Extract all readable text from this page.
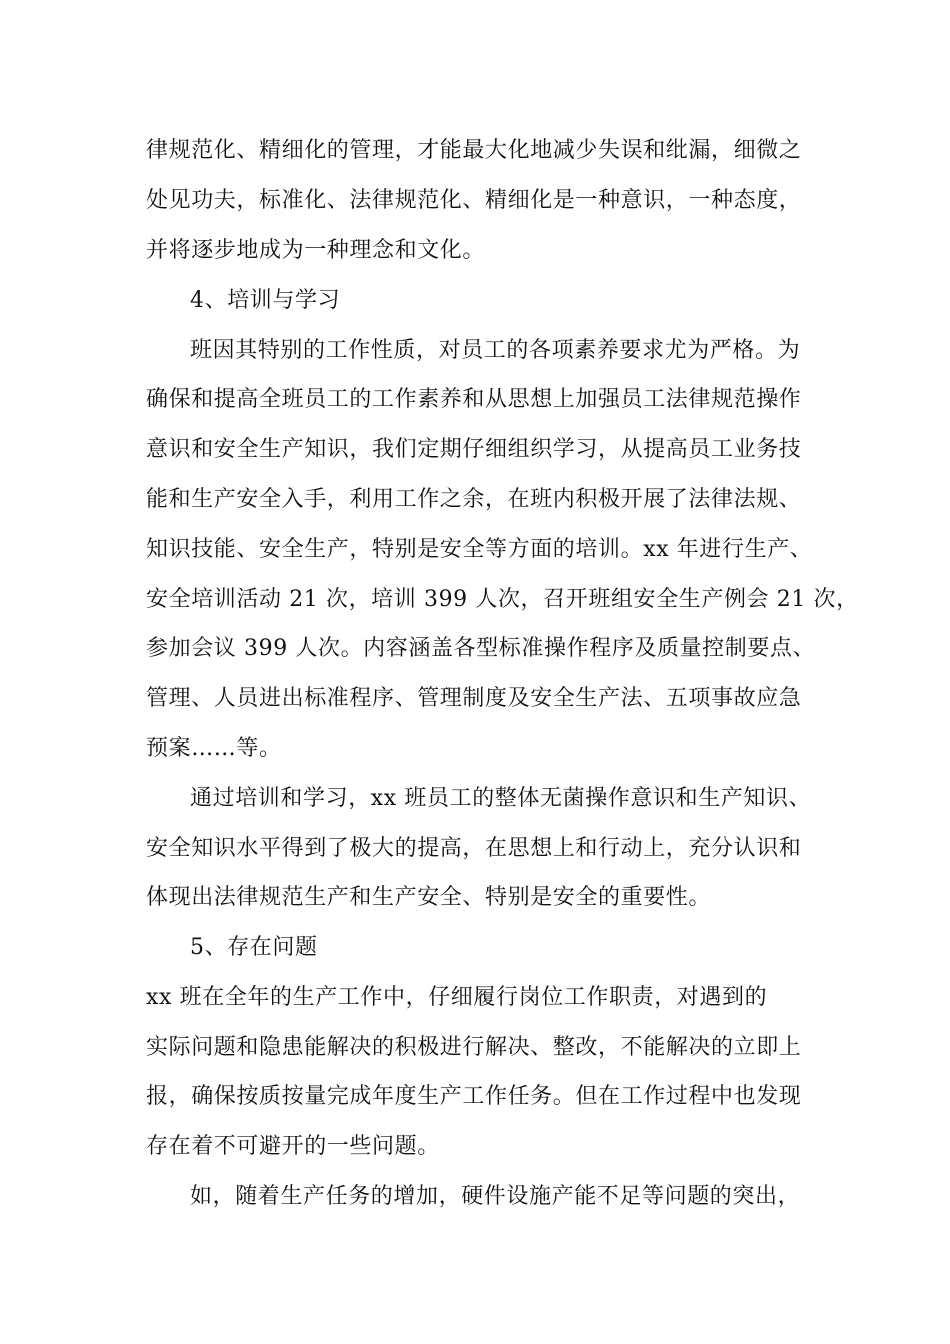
律规范化、精细化的管理，才能最大化地减少失误和纰漏，细微之
处见功夫，标准化、法律规范化、精细化是一种意识，一种态度，
并将逐步地成为一种理念和文化。
4、培训与学习
班因其特别的工作性质，对员工的各项素养要求尤为严格。为
确保和提高全班员工的工作素养和从思想上加强员工法律规范操作
意识和安全生产知识，我们定期仔细组织学习，从提高员工业务技
能和生产安全入手，利用工作之余，在班内积极开展了法律法规、
知识技能、安全生产，特别是安全等方面的培训。xx 年进行生产、
安全培训活动 21 次，培训 399 人次，召开班组安全生产例会 21 次，
参加会议 399 人次。内容涵盖各型标准操作程序及质量控制要点、
管理、人员进出标准程序、管理制度及安全生产法、五项事故应急
预案……等。
通过培训和学习，xx 班员工的整体无菌操作意识和生产知识、
安全知识水平得到了极大的提高，在思想上和行动上，充分认识和
体现出法律规范生产和生产安全、特别是安全的重要性。
5、存在问题
xx 班在全年的生产工作中，仔细履行岗位工作职责，对遇到的
实际问题和隐患能解决的积极进行解决、整改，不能解决的立即上
报，确保按质按量完成年度生产工作任务。但在工作过程中也发现
存在着不可避开的一些问题。
如，随着生产任务的增加，硬件设施产能不足等问题的突出，
